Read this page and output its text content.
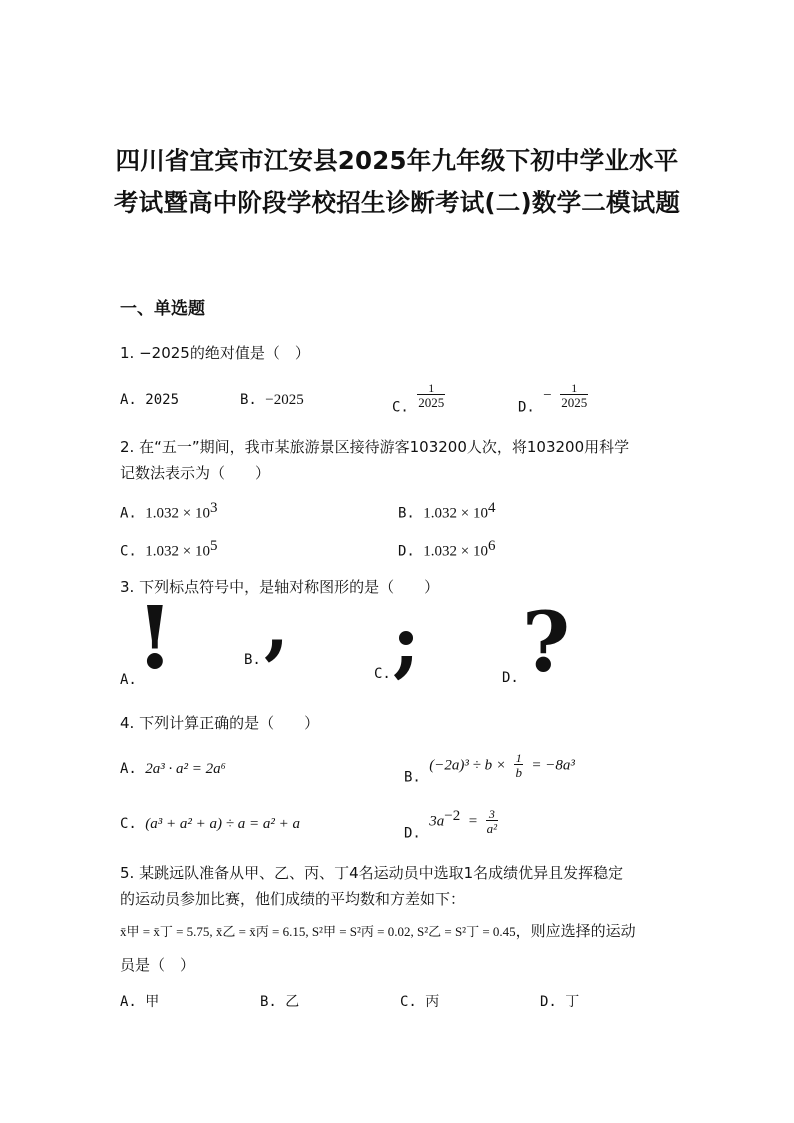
四川省宜宾市江安县2025年九年级下初中学业水平
考试暨高中阶段学校招生诊断考试(二)数学二模试题
一、单选题
1. −2025的绝对值是（　）
A. 2025	B. −2025	C. $\frac{1}{2025}$	D. − $\frac{1}{2025}$
2. 在“五一”期间，我市某旅游景区接待游客103200人次，将103200用科学
记数法表示为（　　）
A. $1.032 \times 10^3$	B. $1.032 \times 10^4$
C. $1.032 \times 10^5$	D. $1.032 \times 10^6$
3. 下列标点符号中，是轴对称图形的是（　　）
A. !	B. ,
C. ;	D. ?
4. 下列计算正确的是（　　）
A. 2a³ · a² = 2a⁶
B. $(-2a)^3 \div b \times \frac{1}{b} = -8a^3$
C. (a³ + a² + a) ÷ a = a² + a
D. $3a^{-2} = \frac{3}{\text{a²}}$
5. 某跳远队准备从甲、乙、丙、丁4名运动员中选取1名成绩优异且发挥稳定
的运动员参加比赛，他们成绩的平均数和方差如下：
x̄甲 = x̄丁 = 5.75, x̄乙 = x̄丙 = 6.15, S²甲 = S²丙 = 0.02, S²乙 = S²丁 = 0.45，则应选择的运动
员是（　）
A. 甲	B. 乙	C. 丙	D. 丁
